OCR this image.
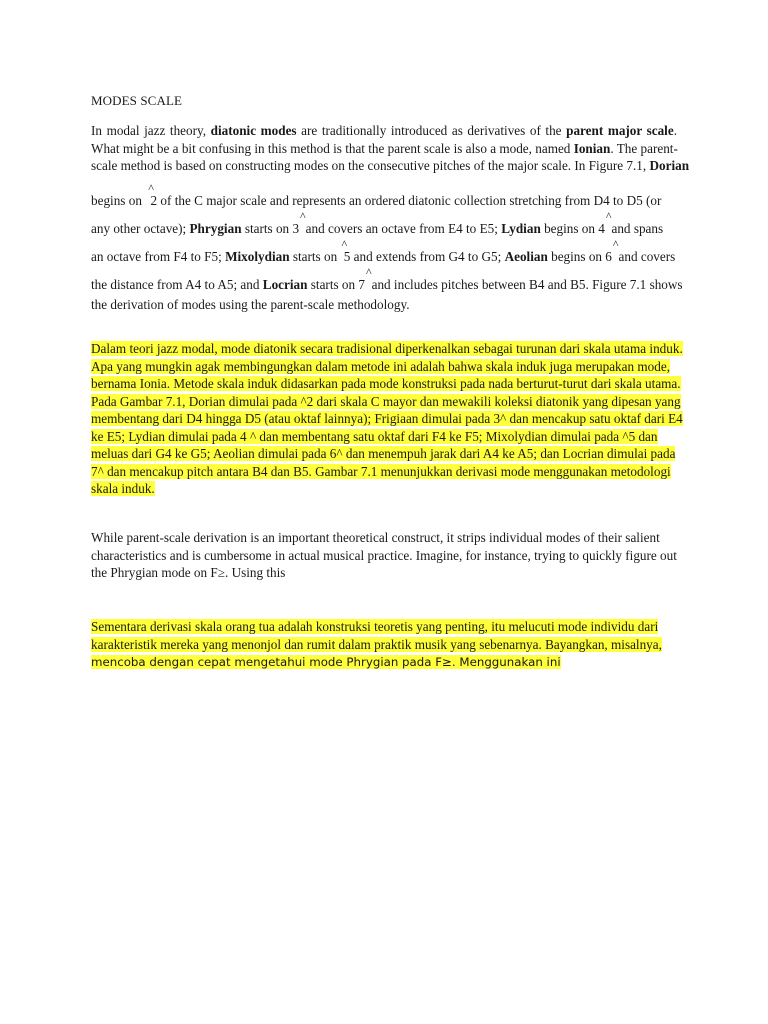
MODES SCALE
In modal jazz theory, diatonic modes are traditionally introduced as derivatives of the parent major scale.
What might be a bit confusing in this method is that the parent scale is also a mode, named Ionian. The parent-
scale method is based on constructing modes on the consecutive pitches of the major scale. In Figure 7.1, Dorian
begins on  ^ 2 of the C major scale and represents an ordered diatonic collection stretching from D4 to D5 (or
any other octave); Phrygian starts on 3^   and covers an octave from E4 to E5; Lydian begins on 4^   and spans
an octave from F4 to F5; Mixolydian starts on ^  5 and extends from G4 to G5; Aeolian begins on 6^   and covers
the distance from A4 to A5; and Locrian starts on 7^   and includes pitches between B4 and B5. Figure 7.1 shows
the derivation of modes using the parent-scale methodology.
Dalam teori jazz modal, mode diatonik secara tradisional diperkenalkan sebagai turunan dari skala utama induk.
Apa yang mungkin agak membingungkan dalam metode ini adalah bahwa skala induk juga merupakan mode,
bernama Ionia. Metode skala induk didasarkan pada mode konstruksi pada nada berturut-turut dari skala utama.
Pada Gambar 7.1, Dorian dimulai pada ^2 dari skala C mayor dan mewakili koleksi diatonik yang dipesan yang
membentang dari D4 hingga D5 (atau oktaf lainnya); Frigiaan dimulai pada 3^ dan mencakup satu oktaf dari E4
ke E5; Lydian dimulai pada 4 ^ dan membentang satu oktaf dari F4 ke F5; Mixolydian dimulai pada ^5 dan
meluas dari G4 ke G5; Aeolian dimulai pada 6^ dan menempuh jarak dari A4 ke A5; dan Locrian dimulai pada
7^ dan mencakup pitch antara B4 dan B5. Gambar 7.1 menunjukkan derivasi mode menggunakan metodologi
skala induk.
While parent-scale derivation is an important theoretical construct, it strips individual modes of their salient
characteristics and is cumbersome in actual musical practice. Imagine, for instance, trying to quickly figure out
the Phrygian mode on F≥. Using this
Sementara derivasi skala orang tua adalah konstruksi teoretis yang penting, itu melucuti mode individu dari
karakteristik mereka yang menonjol dan rumit dalam praktik musik yang sebenarnya. Bayangkan, misalnya,
mencoba dengan cepat mengetahui mode Phrygian pada F≥. Menggunakan ini
